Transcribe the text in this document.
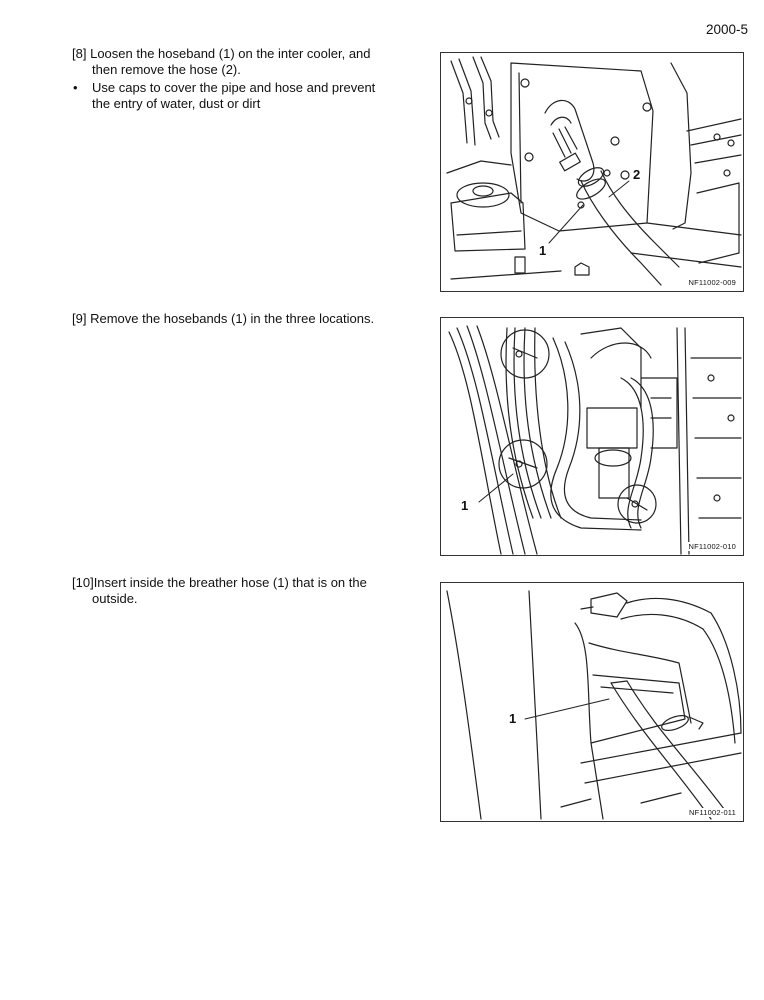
2000-5

[8] Loosen the hoseband (1) on the inter cooler, and

then remove the hose (2).

•	Use caps to cover the pipe and hose and prevent

the entry of water, dust or dirt

[9] Remove the hosebands (1) in the three locations.

[10]Insert inside the breather hose (1) that is on the

outside.

1
2
NF11002-009
1
NF11002-010
1
NF11002-011
